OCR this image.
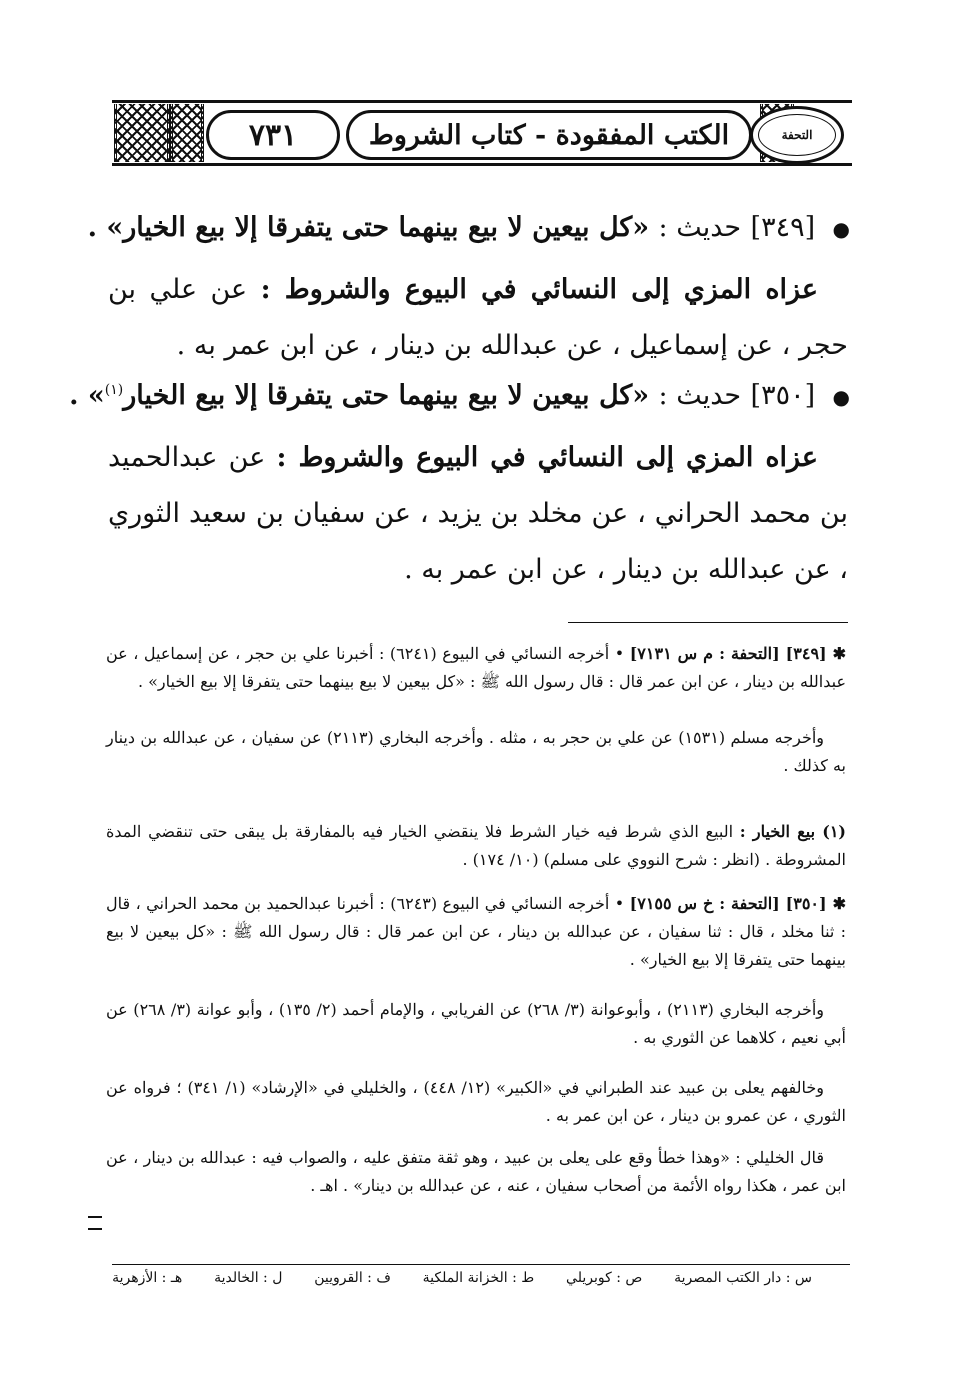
٧٣١	الكتب المفقودة - كتاب الشروط	التحفة
● [٣٤٩] حديث : «كل بيعين لا بيع بينهما حتى يتفرقا إلا بيع الخيار» .
عزاه المزي إلى النسائي في البيوع والشروط : عن علي بن حجر ، عن إسماعيل ، عن عبدالله بن دينار ، عن ابن عمر به .
● [٣٥٠] حديث : «كل بيعين لا بيع بينهما حتى يتفرقا إلا بيع الخيار$^{(١)}$» .
عزاه المزي إلى النسائي في البيوع والشروط : عن عبدالحميد بن محمد الحراني ، عن مخلد بن يزيد ، عن سفيان بن سعيد الثوري ، عن عبدالله بن دينار ، عن ابن عمر به .
✱[٣٤٩] [التحفة : م س ٧١٣١] • أخرجه النسائي في البيوع (٦٢٤١) : أخبرنا علي بن حجر ، عن إسماعيل ، عن عبدالله بن دينار ، عن ابن عمر قال : قال رسول الله ﷺ : «كل بيعين لا بيع بينهما حتى يتفرقا إلا بيع الخيار» .
وأخرجه مسلم (١٥٣١) عن علي بن حجر به ، مثله . وأخرجه البخاري (٢١١٣) عن سفيان ، عن عبدالله بن دينار به كذلك .
(١) بيع الخيار : البيع الذي شرط فيه خيار الشرط فلا ينقضي الخيار فيه بالمفارقة بل يبقى حتى تنقضي المدة المشروطة . (انظر : شرح النووي على مسلم) (١٠/ ١٧٤) .
✱[٣٥٠] [التحفة : خ س ٧١٥٥] • أخرجه النسائي في البيوع (٦٢٤٣) : أخبرنا عبدالحميد بن محمد الحراني ، قال : ثنا مخلد ، قال : ثنا سفيان ، عن عبدالله بن دينار ، عن ابن عمر قال : قال رسول الله ﷺ : «كل بيعين لا بيع بينهما حتى يتفرقا إلا بيع الخيار» .
وأخرجه البخاري (٢١١٣) ، وأبوعوانة (٣/ ٢٦٨) عن الفريابي ، والإمام أحمد (٢/ ١٣٥) ، وأبو عوانة (٣/ ٢٦٨) عن أبي نعيم ، كلاهما عن الثوري به .
وخالفهم يعلى بن عبيد عند الطبراني في «الكبير» (١٢/ ٤٤٨) ، والخليلي في «الإرشاد» (١/ ٣٤١) ؛ فرواه عن الثوري ، عن عمرو بن دينار ، عن ابن عمر به .
قال الخليلي : «وهذا خطأ وقع على يعلى بن عبيد ، وهو ثقة متفق عليه ، والصواب فيه : عبدالله بن دينار ، عن ابن عمر ، هكذا رواه الأئمة من أصحاب سفيان ، عنه ، عن عبدالله بن دينار» . اهـ .
س : دار الكتب المصرية
ص : كوبريلي
ط : الخزانة الملكية
ف : القرويين
ل : الخالدية
هـ : الأزهرية
